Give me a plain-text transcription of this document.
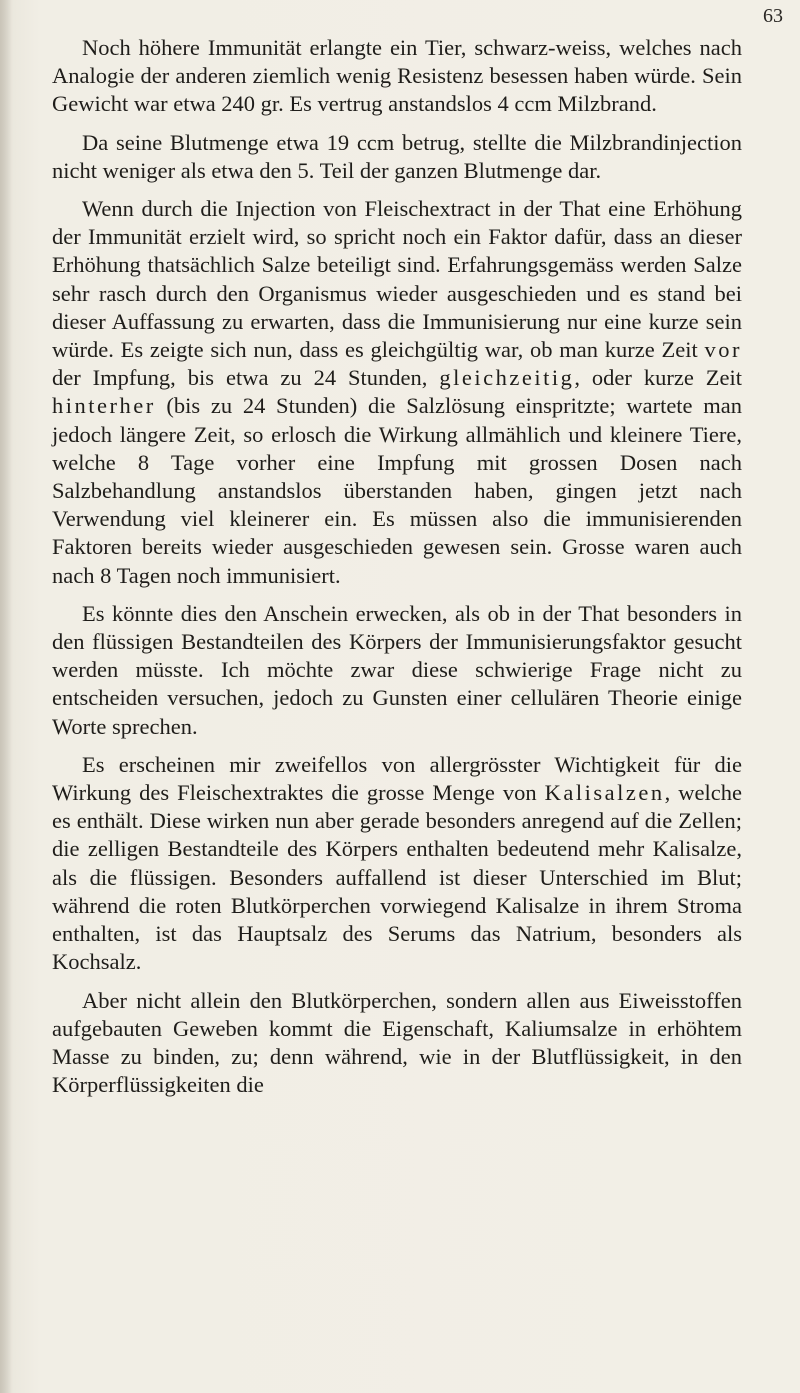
63

Noch höhere Immunität erlangte ein Tier, schwarz-weiss, welches nach Analogie der anderen ziemlich wenig Resistenz besessen haben würde. Sein Gewicht war etwa 240 gr. Es vertrug anstandslos 4 ccm Milzbrand.

Da seine Blutmenge etwa 19 ccm betrug, stellte die Milzbrandinjection nicht weniger als etwa den 5. Teil der ganzen Blutmenge dar.

Wenn durch die Injection von Fleischextract in der That eine Erhöhung der Immunität erzielt wird, so spricht noch ein Faktor dafür, dass an dieser Erhöhung thatsächlich Salze beteiligt sind. Erfahrungsgemäss werden Salze sehr rasch durch den Organismus wieder ausgeschieden und es stand bei dieser Auffassung zu erwarten, dass die Immunisierung nur eine kurze sein würde. Es zeigte sich nun, dass es gleichgültig war, ob man kurze Zeit vor der Impfung, bis etwa zu 24 Stunden, gleichzeitig, oder kurze Zeit hinterher (bis zu 24 Stunden) die Salzlösung einspritzte; wartete man jedoch längere Zeit, so erlosch die Wirkung allmählich und kleinere Tiere, welche 8 Tage vorher eine Impfung mit grossen Dosen nach Salzbehandlung anstandslos überstanden haben, gingen jetzt nach Verwendung viel kleinerer ein. Es müssen also die immunisierenden Faktoren bereits wieder ausgeschieden gewesen sein. Grosse waren auch nach 8 Tagen noch immunisiert.

Es könnte dies den Anschein erwecken, als ob in der That besonders in den flüssigen Bestandteilen des Körpers der Immunisierungsfaktor gesucht werden müsste. Ich möchte zwar diese schwierige Frage nicht zu entscheiden versuchen, jedoch zu Gunsten einer cellulären Theorie einige Worte sprechen.

Es erscheinen mir zweifellos von allergrösster Wichtigkeit für die Wirkung des Fleischextraktes die grosse Menge von Kalisalzen, welche es enthält. Diese wirken nun aber gerade besonders anregend auf die Zellen; die zelligen Bestandteile des Körpers enthalten bedeutend mehr Kalisalze, als die flüssigen. Besonders auffallend ist dieser Unterschied im Blut; während die roten Blutkörperchen vorwiegend Kalisalze in ihrem Stroma enthalten, ist das Hauptsalz des Serums das Natrium, besonders als Kochsalz.

Aber nicht allein den Blutkörperchen, sondern allen aus Eiweisstoffen aufgebauten Geweben kommt die Eigenschaft, Kaliumsalze in erhöhtem Masse zu binden, zu; denn während, wie in der Blutflüssigkeit, in den Körperflüssigkeiten die
